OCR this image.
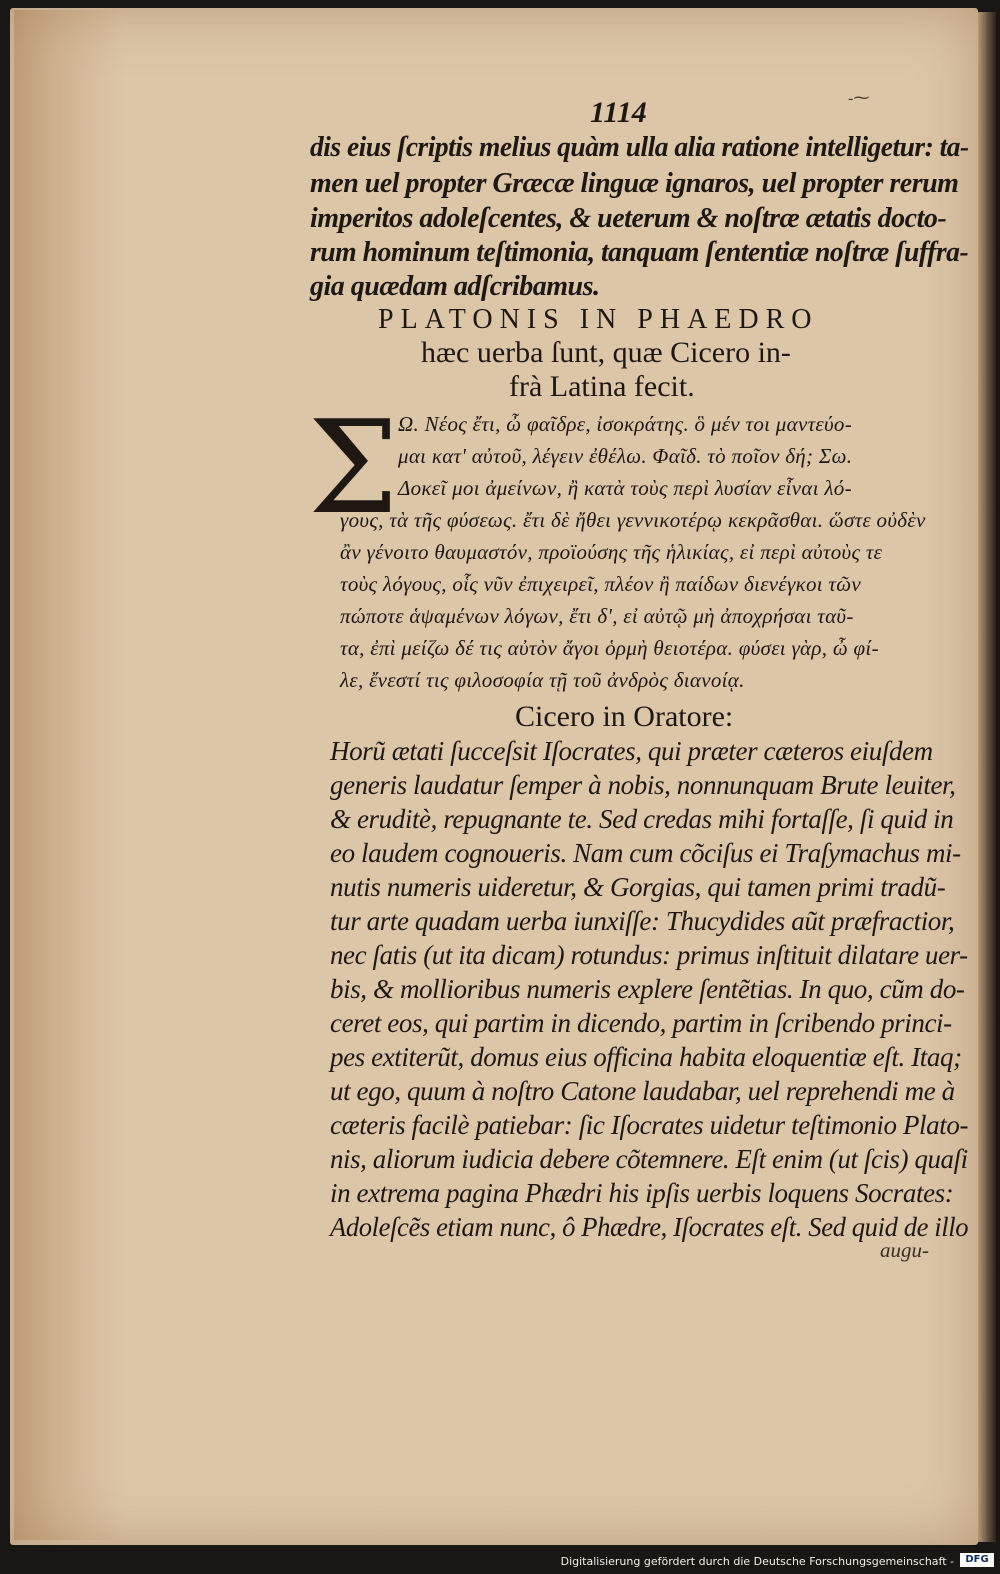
1114	-⁓
dis eius ſcriptis melius quàm ulla alia ratione intelligetur: ta-
men uel propter Græcæ linguæ ignaros, uel propter rerum
imperitos adoleſcentes, & ueterum & noſtræ ætatis docto-
rum hominum teſtimonia, tanquam ſententiæ noſtræ ſuffra-
gia quædam adſcribamus.
PLATONIS IN PHAEDRO
hæc uerba ſunt, quæ Cicero in-
frà Latina fecit.
Σ Ω. Νέος ἔτι, ὦ φαῖδρε, ἰσοκράτης. ὃ μέν τοι μαντεύο-
μαι κατ' αὐτοῦ, λέγειν ἐθέλω. Φαῖδ. τὸ ποῖον δή; Σω.
Δοκεῖ μοι ἀμείνων, ἢ κατὰ τοὺς περὶ λυσίαν εἶναι λό-
γους, τὰ τῆς φύσεως. ἔτι δὲ ἤθει γεννικοτέρῳ κεκρᾶσθαι. ὥστε οὐδὲν
ἂν γένοιτο θαυμαστόν, προϊούσης τῆς ἡλικίας, εἰ περὶ αὐτοὺς τε
τοὺς λόγους, οἷς νῦν ἐπιχειρεῖ, πλέον ἢ παίδων διενέγκοι τῶν
πώποτε ἁψαμένων λόγων, ἔτι δ', εἰ αὐτῷ μὴ ἀποχρήσαι ταῦ-
τα, ἐπὶ μείζω δέ τις αὐτὸν ἄγοι ὁρμὴ θειοτέρα. φύσει γὰρ, ὦ φί-
λε, ἔνεστί τις φιλοσοφία τῇ τοῦ ἀνδρὸς διανοίᾳ.
Cicero in Oratore:
Horũ ætati ſucceſsit Iſocrates, qui præter cæteros eiuſdem
generis laudatur ſemper à nobis, nonnunquam Brute leuiter,
& eruditè, repugnante te. Sed credas mihi fortaſſe, ſi quid in
eo laudem cognoueris. Nam cum cõciſus ei Traſymachus mi-
nutis numeris uideretur, & Gorgias, qui tamen primi tradũ-
tur arte quadam uerba iunxiſſe: Thucydides aũt præfractior,
nec ſatis (ut ita dicam) rotundus: primus inſtituit dilatare uer-
bis, & mollioribus numeris explere ſentẽtias. In quo, cũm do-
ceret eos, qui partim in dicendo, partim in ſcribendo princi-
pes extiterũt, domus eius officina habita eloquentiæ eſt. Itaq;
ut ego, quum à noſtro Catone laudabar, uel reprehendi me à
cæteris facilè patiebar: ſic Iſocrates uidetur teſtimonio Plato-
nis, aliorum iudicia debere cõtemnere. Eſt enim (ut ſcis) quaſi
in extrema pagina Phædri his ipſis uerbis loquens Socrates:
Adoleſcẽs etiam nunc, ô Phædre, Iſocrates eſt. Sed quid de illo
augu-
Digitalisierung gefördert durch die Deutsche Forschungsgemeinschaft -	DFG
